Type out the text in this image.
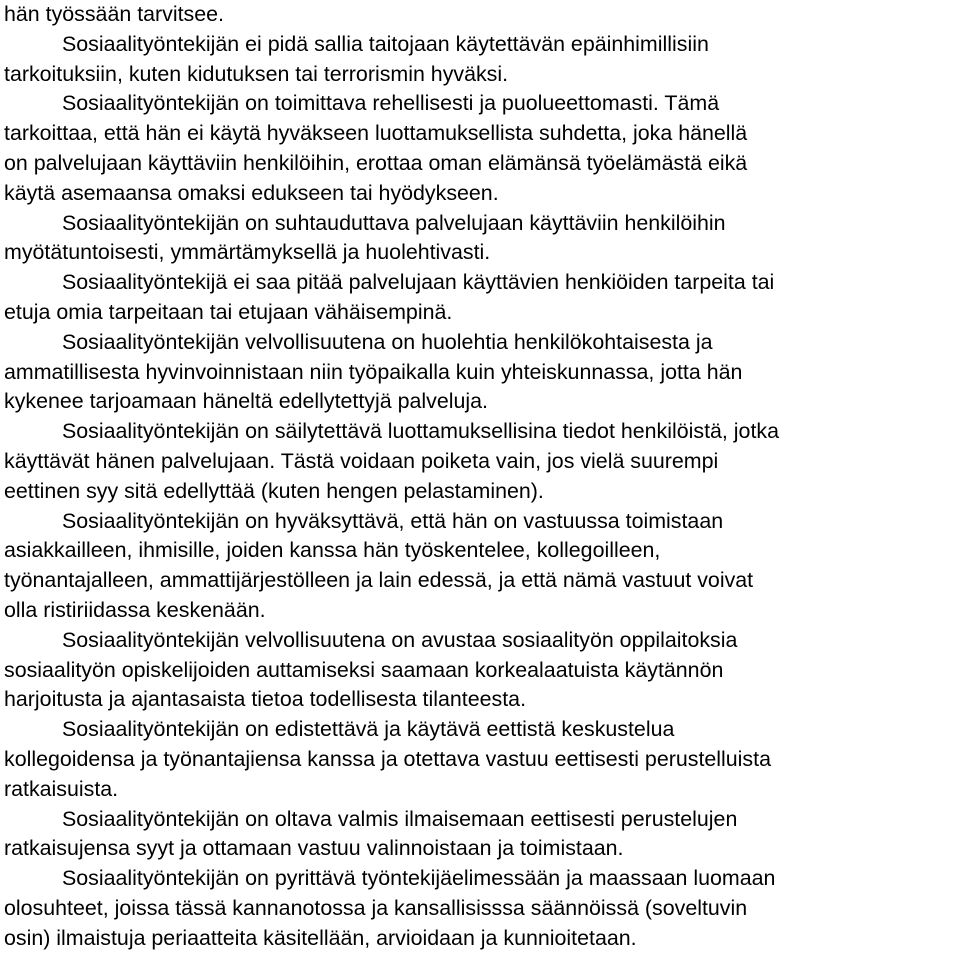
hän työssään tarvitsee.
Sosiaalityöntekijän ei pidä sallia taitojaan käytettävän epäinhimillisiin
tarkoituksiin, kuten kidutuksen tai terrorismin hyväksi.
Sosiaalityöntekijän on toimittava rehellisesti ja puolueettomasti. Tämä
tarkoittaa, että hän ei käytä hyväkseen luottamuksellista suhdetta, joka hänellä
on palvelujaan käyttäviin henkilöihin, erottaa oman elämänsä työelämästä eikä
käytä asemaansa omaksi edukseen tai hyödykseen.
Sosiaalityöntekijän on suhtauduttava palvelujaan käyttäviin henkilöihin
myötätuntoisesti, ymmärtämyksellä ja huolehtivasti.
Sosiaalityöntekijä ei saa pitää palvelujaan käyttävien henkiöiden tarpeita tai
etuja omia tarpeitaan tai etujaan vähäisempinä.
Sosiaalityöntekijän velvollisuutena on huolehtia henkilökohtaisesta ja
ammatillisesta hyvinvoinnistaan niin työpaikalla kuin yhteiskunnassa, jotta hän
kykenee tarjoamaan häneltä edellytettyjä palveluja.
Sosiaalityöntekijän on säilytettävä luottamuksellisina tiedot henkilöistä, jotka
käyttävät hänen palvelujaan. Tästä voidaan poiketa vain, jos vielä suurempi
eettinen syy sitä edellyttää (kuten hengen pelastaminen).
Sosiaalityöntekijän on hyväksyttävä, että hän on vastuussa toimistaan
asiakkailleen, ihmisille, joiden kanssa hän työskentelee, kollegoilleen,
työnantajalleen, ammattijärjestölleen ja lain edessä, ja että nämä vastuut voivat
olla ristiriidassa keskenään.
Sosiaalityöntekijän velvollisuutena on avustaa sosiaalityön oppilaitoksia
sosiaalityön opiskelijoiden auttamiseksi saamaan korkealaatuista käytännön
harjoitusta ja ajantasaista tietoa todellisesta tilanteesta.
Sosiaalityöntekijän on edistettävä ja käytävä eettistä keskustelua
kollegoidensa ja työnantajiensa kanssa ja otettava vastuu eettisesti perustelluista
ratkaisuista.
Sosiaalityöntekijän on oltava valmis ilmaisemaan eettisesti perustelujen
ratkaisujensa syyt ja ottamaan vastuu valinnoistaan ja toimistaan.
Sosiaalityöntekijän on pyrittävä työntekijäelimessään ja maassaan luomaan
olosuhteet, joissa tässä kannanotossa ja kansallisisssa säännöissä (soveltuvin
osin) ilmaistuja periaatteita käsitellään, arvioidaan ja kunnioitetaan.
